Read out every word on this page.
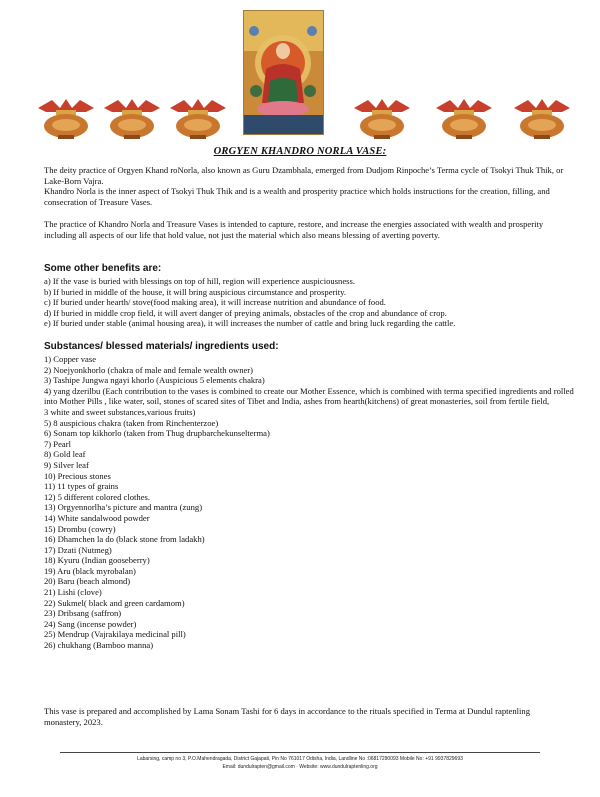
ORGYEN KHANDRO NORLA VASE:

The deity practice of Orgyen Khand roNorla, also known as Guru Dzambhala, emerged from Dudjom Rinpoche’s Terma cycle of Tsokyi Thuk Thik, or Lake-Born Vajra.

Khandro Norla is the inner aspect of Tsokyi Thuk Thik and is a wealth and prosperity practice which holds instructions for the creation, filling, and consecration of Treasure Vases.

The practice of Khandro Norla and Treasure Vases is intended to capture, restore, and increase the energies associated with wealth and prosperity including all aspects of our life that hold value, not just the material which also means blessing of averting poverty.

Some other benefits are:
a) If the vase is buried with blessings on top of hill, region will experience auspiciousness.
b) If buried in middle of the house, it will bring auspicious circumstance and prosperity.
c) If buried under hearth/ stove(food making area), it will increase nutrition and abundance of food.
d) If buried in middle crop field, it will avert danger of preying animals, obstacles of the crop and abundance of crop.
e) If buried under stable (animal housing area), it will increases the number of cattle and bring luck regarding the cattle.
Substances/ blessed materials/ ingredients used:
1) Copper vase
2) Noejyonkhorlo (chakra of male and female wealth owner)
3) Tashipe Jungwa ngayi khorlo (Auspicious 5 elements chakra)
4) yang dzerilbu (Each contribution to the vases is combined to create our Mother Essence, which is combined with terma specified ingredients and rolled into Mother Pills , like water, soil, stones of scared sites of Tibet and India, ashes from hearth(kitchens) of great monasteries, soil from fertile field,
3 white and sweet substances,various fruits)
5) 8 auspicious chakra (taken from Rinchenterzoe)
6) Sonam top kikhorlo (taken from Thug drupbarchekunselterma)
7) Pearl
8) Gold leaf
9) Silver leaf
10) Precious stones
11) 11 types of grains
12) 5 different colored clothes.
13) Orgyennorlha’s picture and mantra (zung)
14) White sandalwood powder
15) Drombu (cowry)
16) Dhamchen la do (black stone from ladakh)
17) Dzati (Nutmeg)
18) Kyuru (Indian gooseberry)
19) Aru (black myrobalan)
20) Baru (beach almond)
21) Lishi (clove)
22) Sukmel( black and green cardamom)
23) Dribsang (saffron)
24) Sang (incense powder)
25) Mendrup (Vajrakilaya medicinal pill)
26) chukhang (Bamboo manna)

This vase is prepared and accomplished by Lama Sonam Tashi for 6 days in accordance to the rituals specified in Terma at Dundul raptenling monastery, 2023.

Labarsing, camp no 3, P.O.Mahendragada, District Gajapati, Pin No 761017 Odisha, India, Landline No :06817290093 Mobile No: +91 9937829693
Email: dundulrapten@gmail.com · Website: www.dundulraptenling.org
